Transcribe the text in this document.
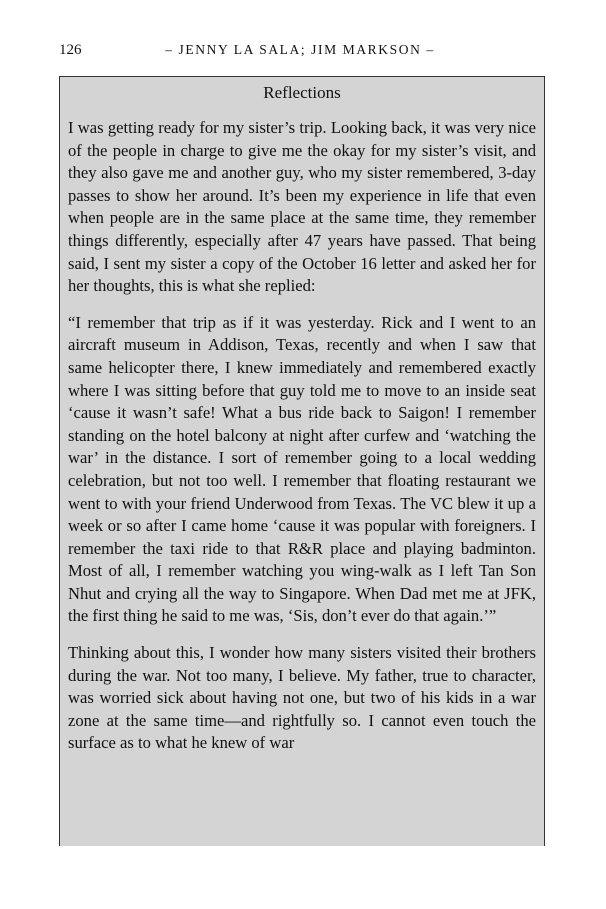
126	– JENNY LA SALA; JIM MARKSON –
Reflections

I was getting ready for my sister’s trip. Looking back, it was very nice of the people in charge to give me the okay for my sister’s visit, and they also gave me and another guy, who my sister remembered, 3-day passes to show her around. It’s been my experience in life that even when people are in the same place at the same time, they remember things differently, especially after 47 years have passed. That being said, I sent my sister a copy of the October 16 letter and asked her for her thoughts, this is what she replied:

“I remember that trip as if it was yesterday. Rick and I went to an aircraft museum in Addison, Texas, recently and when I saw that same helicopter there, I knew immediately and remembered exactly where I was sitting before that guy told me to move to an inside seat ‘cause it wasn’t safe! What a bus ride back to Saigon! I remember standing on the hotel balcony at night after curfew and ‘watching the war’ in the distance. I sort of remember going to a local wedding celebration, but not too well. I remember that floating restaurant we went to with your friend Underwood from Texas. The VC blew it up a week or so after I came home ‘cause it was popular with foreigners. I remember the taxi ride to that R&R place and playing badminton. Most of all, I remember watching you wing-walk as I left Tan Son Nhut and crying all the way to Singapore. When Dad met me at JFK, the first thing he said to me was, ‘Sis, don’t ever do that again.’”

Thinking about this, I wonder how many sisters visited their brothers during the war. Not too many, I believe. My father, true to character, was worried sick about having not one, but two of his kids in a war zone at the same time—and rightfully so. I cannot even touch the surface as to what he knew of war
